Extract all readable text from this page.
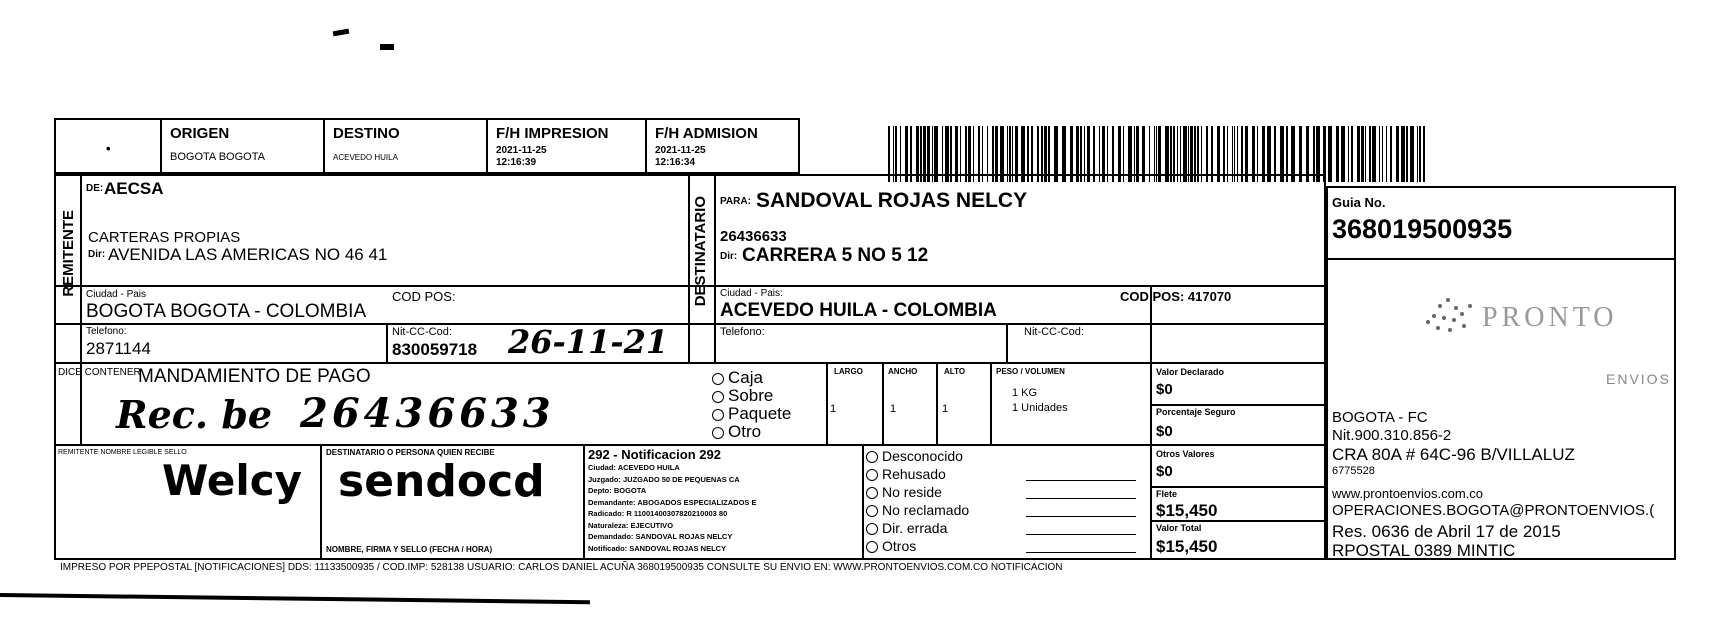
•
ORIGEN
BOGOTA BOGOTA
DESTINO
ACEVEDO HUILA
F/H IMPRESION
2021-11-25
12:16:39
F/H ADMISION
2021-11-25
12:16:34
REMITENTE
DE: AECSA
CARTERAS PROPIAS
Dir: AVENIDA LAS AMERICAS NO 46 41
Ciudad - Pais
BOGOTA BOGOTA - COLOMBIA
COD POS:
Telefono:
2871144
Nit-CC-Cod:
830059718 26-11-21
DESTINATARIO PARA: SANDOVAL ROJAS NELCY
26436633
Dir: CARRERA 5 NO 5 12
Ciudad - Pais:
ACEVEDO HUILA - COLOMBIA
COD POS: 417070
Telefono:	Nit-CC-Cod:
Guia No.
368019500935
PRONTO
ENVIOS
BOGOTA - FC
Nit.900.310.856-2
CRA 80A # 64C-96 B/VILLALUZ
6775528
www.prontoenvios.com.co
OPERACIONES.BOGOTA@PRONTOENVIOS.(
Res. 0636 de Abril 17 de 2015
RPOSTAL 0389 MINTIC
DICE CONTENER
MANDAMIENTO DE PAGO
Rec. be 26436633
Caja
Sobre
Paquete
Otro
LARGO	ANCHO	ALTO	PESO / VOLUMEN
1	1	1
1 KG
1 Unidades
Valor Declarado
$0
Porcentaje Seguro
$0
Otros Valores
$0
Flete
$15,450
Valor Total
$15,450
REMITENTE NOMBRE LEGIBLE SELLO
Welcy
DESTINATARIO O PERSONA QUIEN RECIBE
sendocd
NOMBRE, FIRMA Y SELLO (FECHA / HORA)
292 - Notificacion 292
Ciudad: ACEVEDO HUILA
Juzgado: JUZGADO 50 DE PEQUENAS CA
Depto: BOGOTA
Demandante: ABOGADOS ESPECIALIZADOS E
Radicado: R 11001400307820210003 80
Naturaleza: EJECUTIVO
Demandado: SANDOVAL ROJAS NELCY
Notificado: SANDOVAL ROJAS NELCY
Desconocido
Rehusado
No reside
No reclamado
Dir. errada
Otros
IMPRESO POR PPEPOSTAL [NOTIFICACIONES] DDS: 11133500935 / COD.IMP: 528138 USUARIO: CARLOS DANIEL ACUÑA 368019500935 CONSULTE SU ENVIO EN: WWW.PRONTOENVIOS.COM.CO NOTIFICACION
